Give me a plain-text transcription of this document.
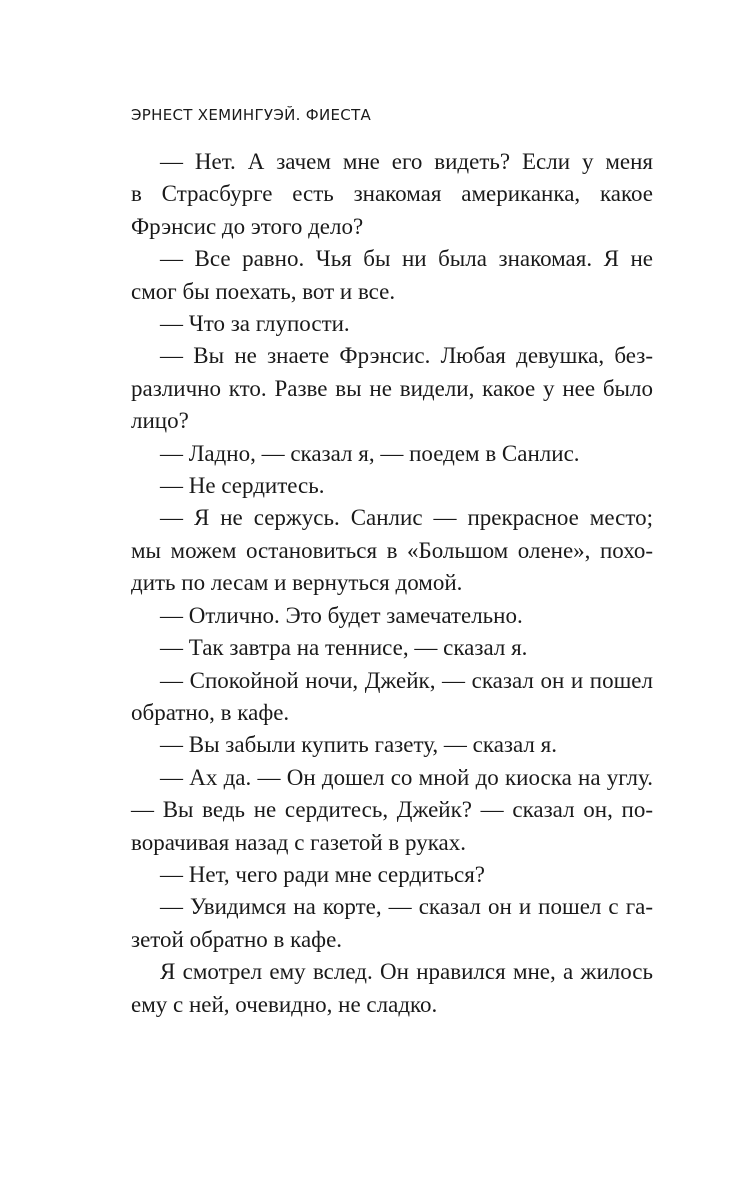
ЭРНЕСТ ХЕМИНГУЭЙ. ФИЕСТА

— Нет. А зачем мне его видеть? Если у меня
в Страсбурге есть знакомая американка, какое
Фрэнсис до этого дело?

— Все равно. Чья бы ни была знакомая. Я не
смог бы поехать, вот и все.

— Что за глупости.

— Вы не знаете Фрэнсис. Любая девушка, без-
различно кто. Разве вы не видели, какое у нее было
лицо?

— Ладно, — сказал я, — поедем в Санлис.

— Не сердитесь.

— Я не сержусь. Санлис — прекрасное место;
мы можем остановиться в «Большом олене», похо-
дить по лесам и вернуться домой.

— Отлично. Это будет замечательно.

— Так завтра на теннисе, — сказал я.

— Спокойной ночи, Джейк, — сказал он и пошел
обратно, в кафе.

— Вы забыли купить газету, — сказал я.

— Ах да. — Он дошел со мной до киоска на углу. — Вы ведь не сердитесь, Джейк? — сказал он, по-
ворачивая назад с газетой в руках.

— Нет, чего ради мне сердиться?

— Увидимся на корте, — сказал он и пошел с га-
зетой обратно в кафе.

Я смотрел ему вслед. Он нравился мне, а жилось
ему с ней, очевидно, не сладко.
